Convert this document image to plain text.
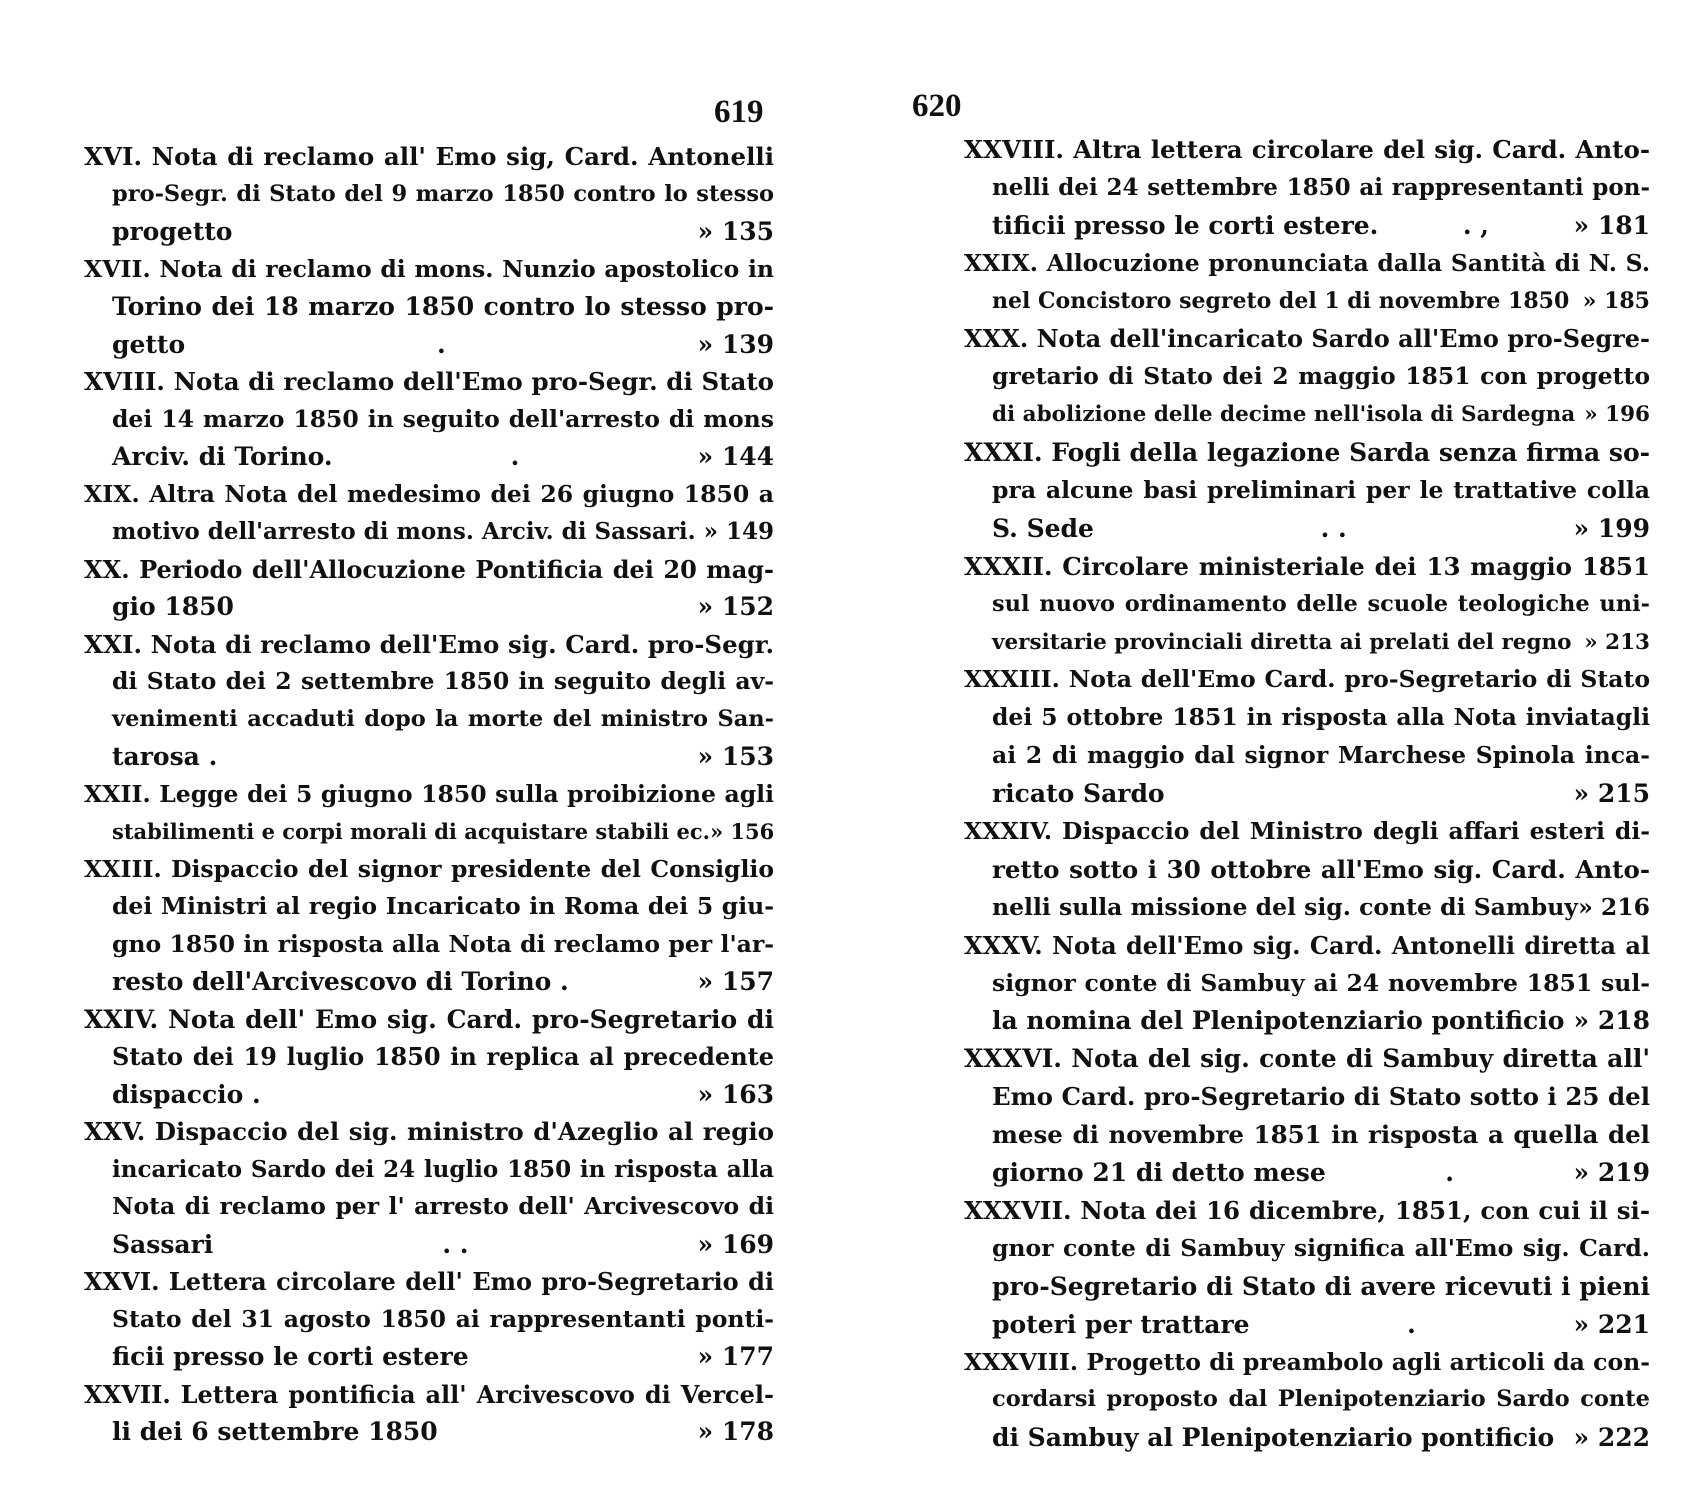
619	620
XVI. Nota di reclamo all' Emo sig, Card. Antonelli
pro-Segr. di Stato del 9 marzo 1850 contro lo stesso
progetto	» 135
XVII. Nota di reclamo di mons. Nunzio apostolico in
Torino dei 18 marzo 1850 contro lo stesso pro-
getto	.	» 139
XVIII. Nota di reclamo dell'Emo pro-Segr. di Stato
dei 14 marzo 1850 in seguito dell'arresto di mons
Arciv. di Torino.	.	» 144
XIX. Altra Nota del medesimo dei 26 giugno 1850 a
motivo dell'arresto di mons. Arciv. di Sassari. » 149
XX. Periodo dell'Allocuzione Pontificia dei 20 mag-
gio 1850	» 152
XXI. Nota di reclamo dell'Emo sig. Card. pro-Segr.
di Stato dei 2 settembre 1850 in seguito degli av-
venimenti accaduti dopo la morte del ministro San-
tarosa .	» 153
XXII. Legge dei 5 giugno 1850 sulla proibizione agli
stabilimenti e corpi morali di acquistare stabili ec. » 156
XXIII. Dispaccio del signor presidente del Consiglio
dei Ministri al regio Incaricato in Roma dei 5 giu-
gno 1850 in risposta alla Nota di reclamo per l'ar-
resto dell'Arcivescovo di Torino .	» 157
XXIV. Nota dell' Emo sig. Card. pro-Segretario di
Stato dei 19 luglio 1850 in replica al precedente
dispaccio .	» 163
XXV. Dispaccio del sig. ministro d'Azeglio al regio
incaricato Sardo dei 24 luglio 1850 in risposta alla
Nota di reclamo per l' arresto dell' Arcivescovo di
Sassari	. .	» 169
XXVI. Lettera circolare dell' Emo pro-Segretario di
Stato del 31 agosto 1850 ai rappresentanti ponti-
ficii presso le corti estere	» 177
XXVII. Lettera pontificia all' Arcivescovo di Vercel-
li dei 6 settembre 1850	» 178
XXVIII. Altra lettera circolare del sig. Card. Anto-
nelli dei 24 settembre 1850 ai rappresentanti pon-
tificii presso le corti estere.	. ,	» 181
XXIX. Allocuzione pronunciata dalla Santità di N. S.
nel Concistoro segreto del 1 di novembre 1850 » 185
XXX. Nota dell'incaricato Sardo all'Emo pro-Segre-
gretario di Stato dei 2 maggio 1851 con progetto
di abolizione delle decime nell'isola di Sardegna » 196
XXXI. Fogli della legazione Sarda senza firma so-
pra alcune basi preliminari per le trattative colla
S. Sede	. .	» 199
XXXII. Circolare ministeriale dei 13 maggio 1851
sul nuovo ordinamento delle scuole teologiche uni-
versitarie provinciali diretta ai prelati del regno » 213
XXXIII. Nota dell'Emo Card. pro-Segretario di Stato
dei 5 ottobre 1851 in risposta alla Nota inviatagli
ai 2 di maggio dal signor Marchese Spinola inca-
ricato Sardo	» 215
XXXIV. Dispaccio del Ministro degli affari esteri di-
retto sotto i 30 ottobre all'Emo sig. Card. Anto-
nelli sulla missione del sig. conte di Sambuy » 216
XXXV. Nota dell'Emo sig. Card. Antonelli diretta al
signor conte di Sambuy ai 24 novembre 1851 sul-
la nomina del Plenipotenziario pontificio » 218
XXXVI. Nota del sig. conte di Sambuy diretta all'
Emo Card. pro-Segretario di Stato sotto i 25 del
mese di novembre 1851 in risposta a quella del
giorno 21 di detto mese	.	» 219
XXXVII. Nota dei 16 dicembre, 1851, con cui il si-
gnor conte di Sambuy significa all'Emo sig. Card.
pro-Segretario di Stato di avere ricevuti i pieni
poteri per trattare	.	» 221
XXXVIII. Progetto di preambolo agli articoli da con-
cordarsi proposto dal Plenipotenziario Sardo conte
di Sambuy al Plenipotenziario pontificio » 222
